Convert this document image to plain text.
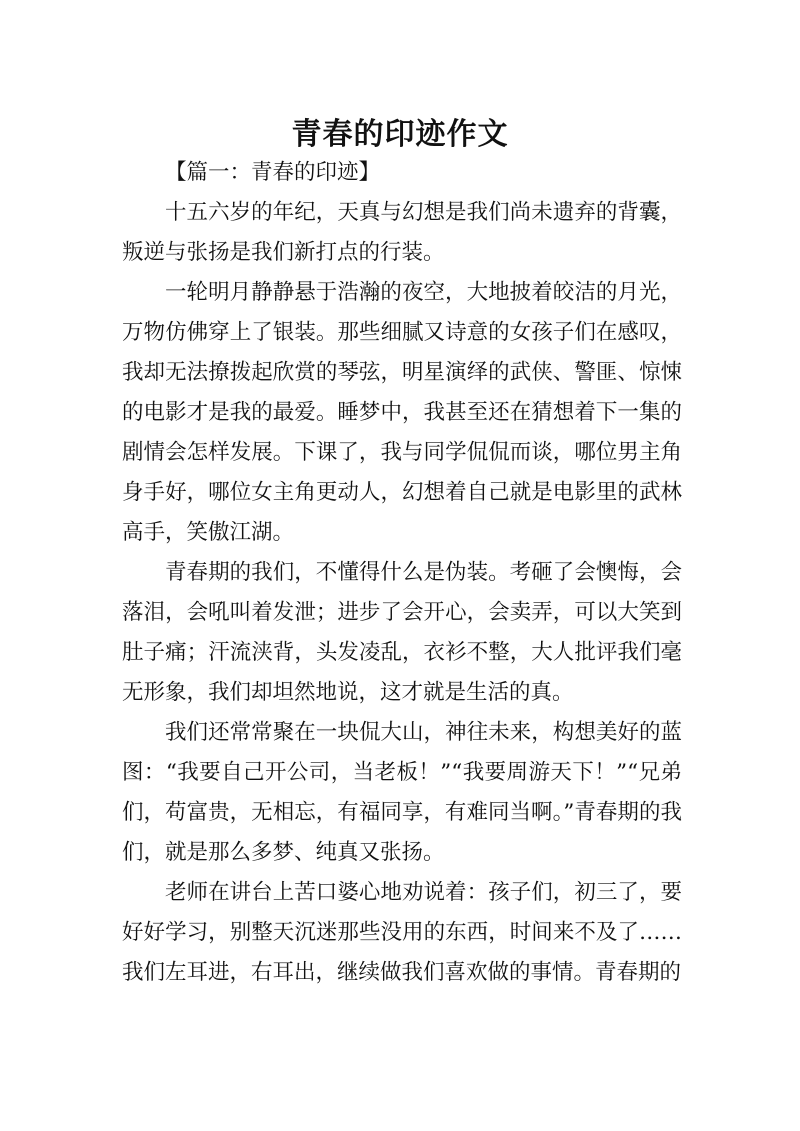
青春的印迹作文

【篇一：青春的印迹】

十五六岁的年纪，天真与幻想是我们尚未遗弃的背囊，叛逆与张扬是我们新打点的行装。

一轮明月静静悬于浩瀚的夜空，大地披着皎洁的月光，万物仿佛穿上了银装。那些细腻又诗意的女孩子们在感叹，我却无法撩拨起欣赏的琴弦，明星演绎的武侠、警匪、惊悚的电影才是我的最爱。睡梦中，我甚至还在猜想着下一集的剧情会怎样发展。下课了，我与同学侃侃而谈，哪位男主角身手好，哪位女主角更动人，幻想着自己就是电影里的武林高手，笑傲江湖。

青春期的我们，不懂得什么是伪装。考砸了会懊悔，会落泪，会吼叫着发泄；进步了会开心，会卖弄，可以大笑到肚子痛；汗流浃背，头发凌乱，衣衫不整，大人批评我们毫无形象，我们却坦然地说，这才就是生活的真。

我们还常常聚在一块侃大山，神往未来，构想美好的蓝图：“我要自己开公司，当老板！”“我要周游天下！”“兄弟们，苟富贵，无相忘，有福同享，有难同当啊。”青春期的我们，就是那么多梦、纯真又张扬。

老师在讲台上苦口婆心地劝说着：孩子们，初三了，要好好学习，别整天沉迷那些没用的东西，时间来不及了……我们左耳进，右耳出，继续做我们喜欢做的事情。青春期的
